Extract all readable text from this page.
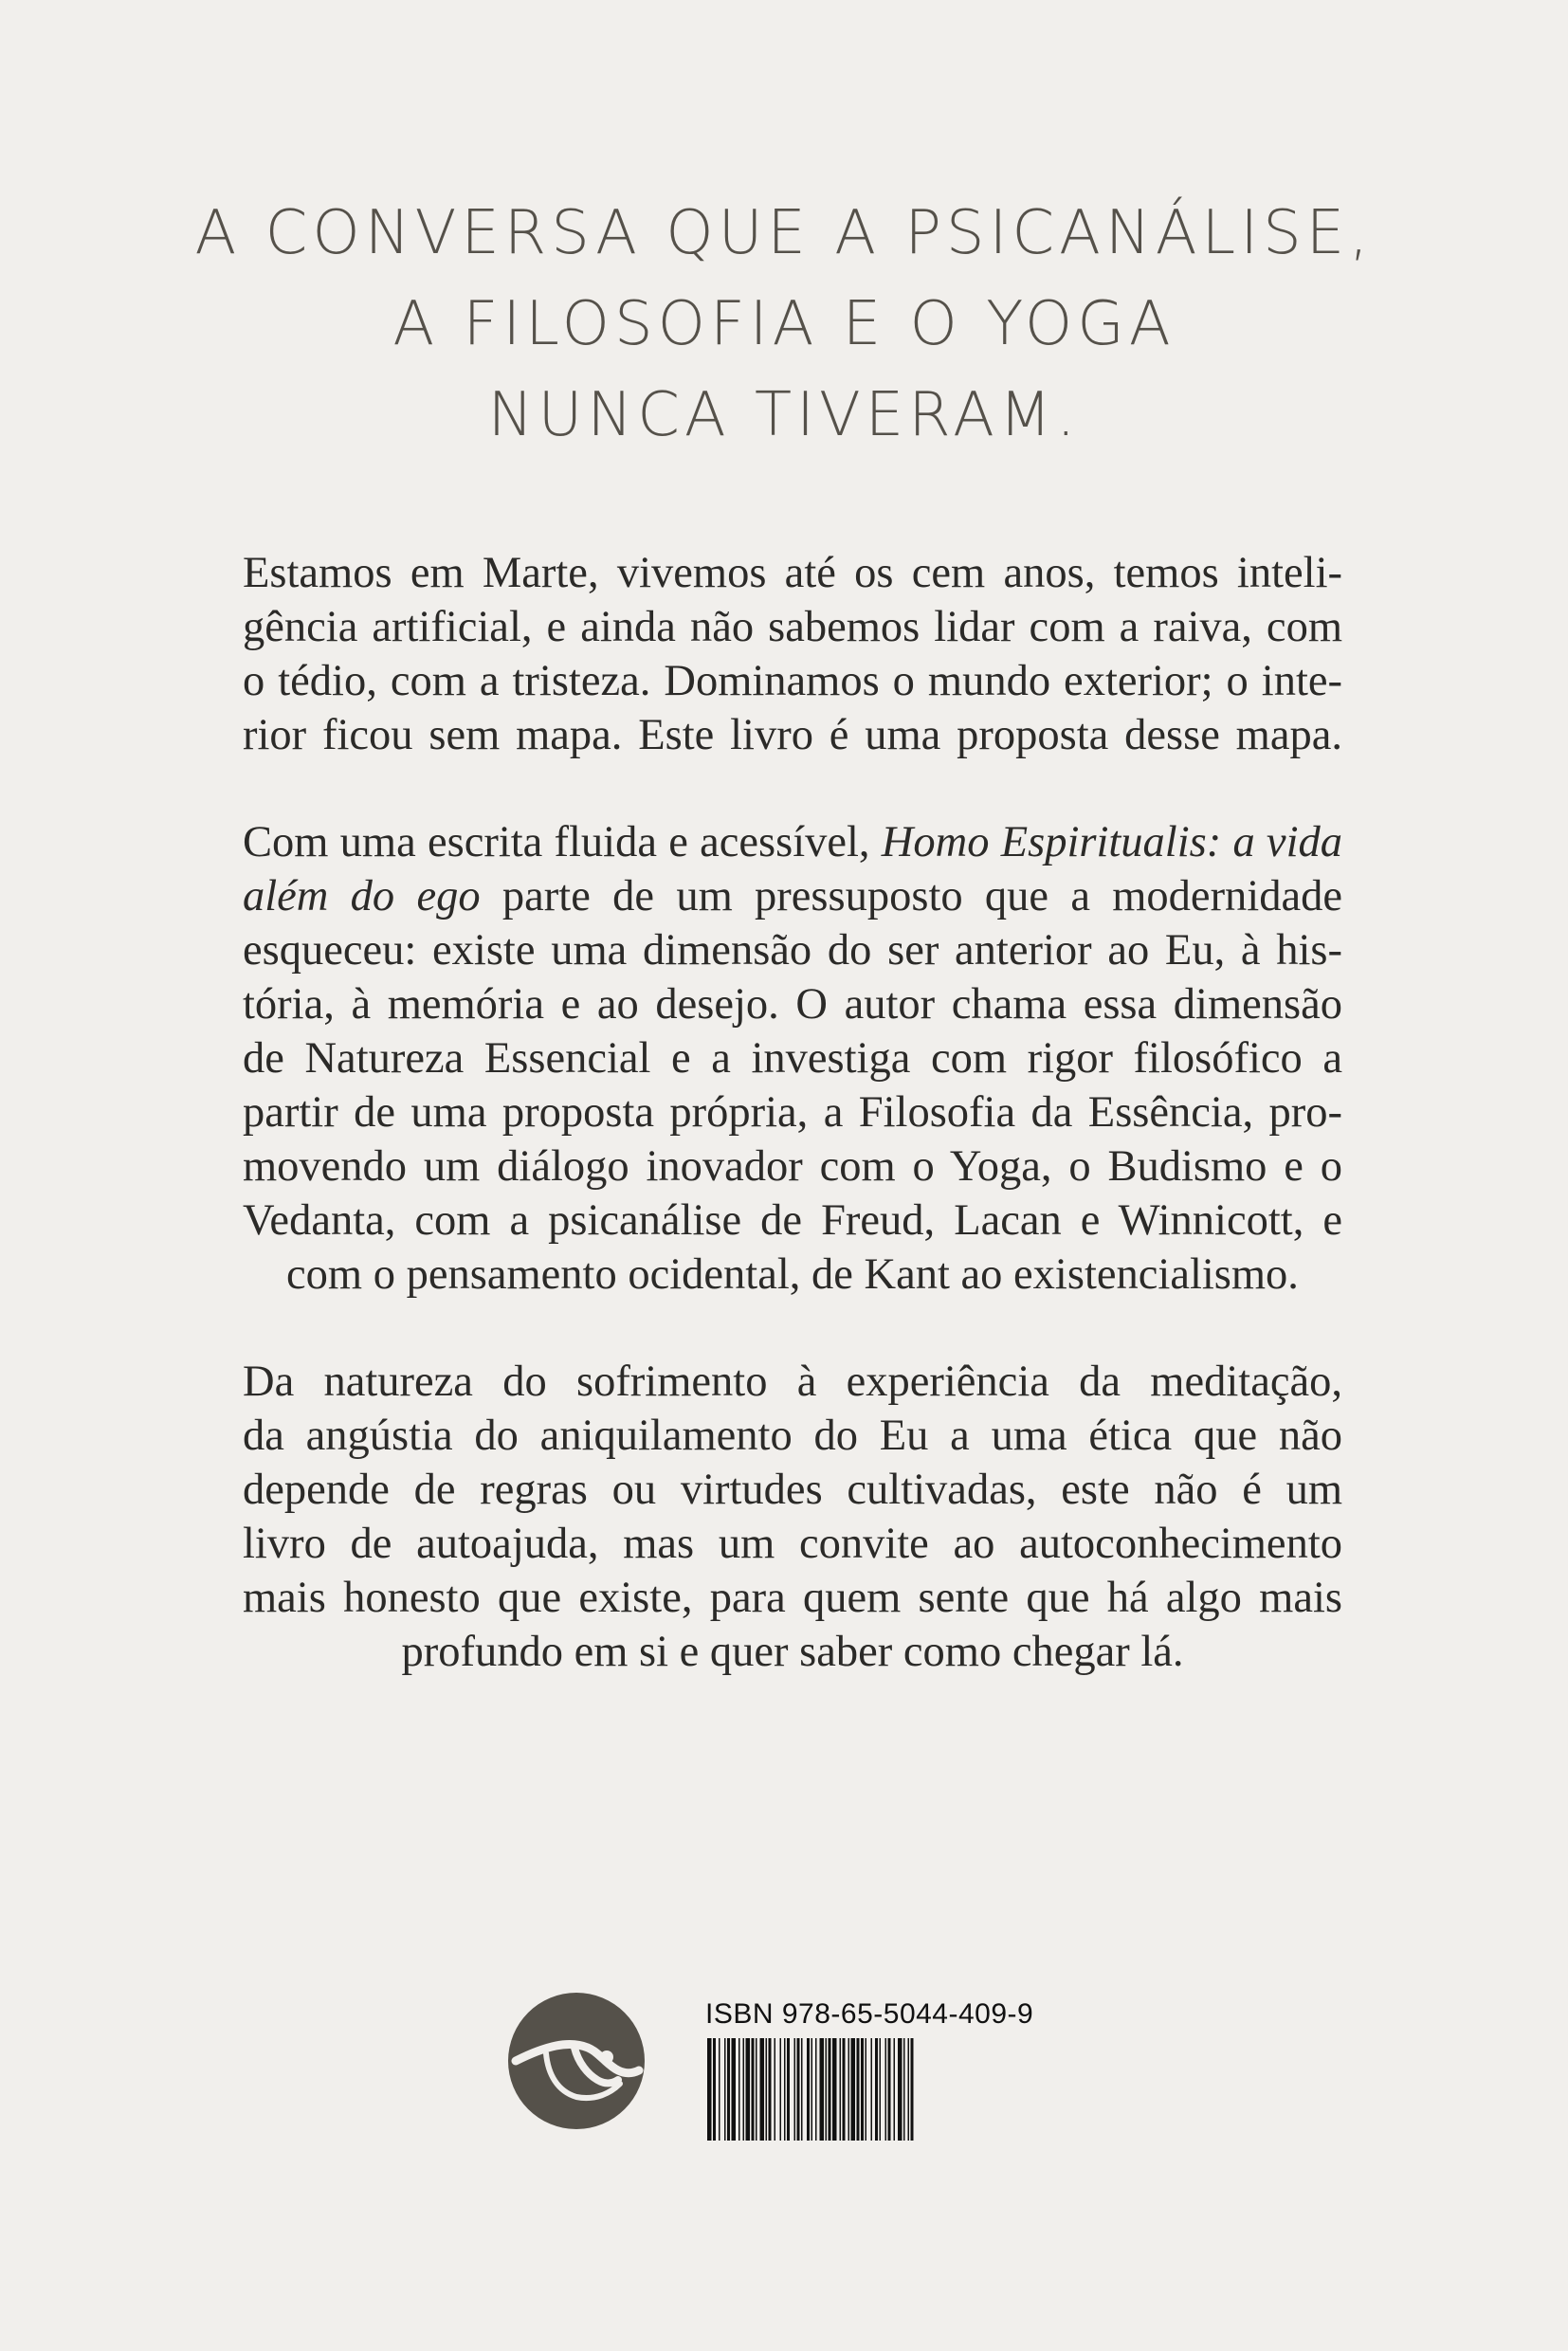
A CONVERSA QUE A PSICANÁLISE,
A FILOSOFIA E O YOGA
NUNCA TIVERAM.
Estamos em Marte, vivemos até os cem anos, temos inteli-
gência artificial, e ainda não sabemos lidar com a raiva, com
o tédio, com a tristeza. Dominamos o mundo exterior; o inte-
rior ficou sem mapa. Este livro é uma proposta desse mapa.
Com uma escrita fluida e acessível, Homo Espiritualis: a vida
além do ego parte de um pressuposto que a modernidade
esqueceu: existe uma dimensão do ser anterior ao Eu, à his-
tória, à memória e ao desejo. O autor chama essa dimensão
de Natureza Essencial e a investiga com rigor filosófico a
partir de uma proposta própria, a Filosofia da Essência, pro-
movendo um diálogo inovador com o Yoga, o Budismo e o
Vedanta, com a psicanálise de Freud, Lacan e Winnicott, e
com o pensamento ocidental, de Kant ao existencialismo.
Da natureza do sofrimento à experiência da meditação,
da angústia do aniquilamento do Eu a uma ética que não
depende de regras ou virtudes cultivadas, este não é um
livro de autoajuda, mas um convite ao autoconhecimento
mais honesto que existe, para quem sente que há algo mais
profundo em si e quer saber como chegar lá.
ISBN 978-65-5044-409-9
